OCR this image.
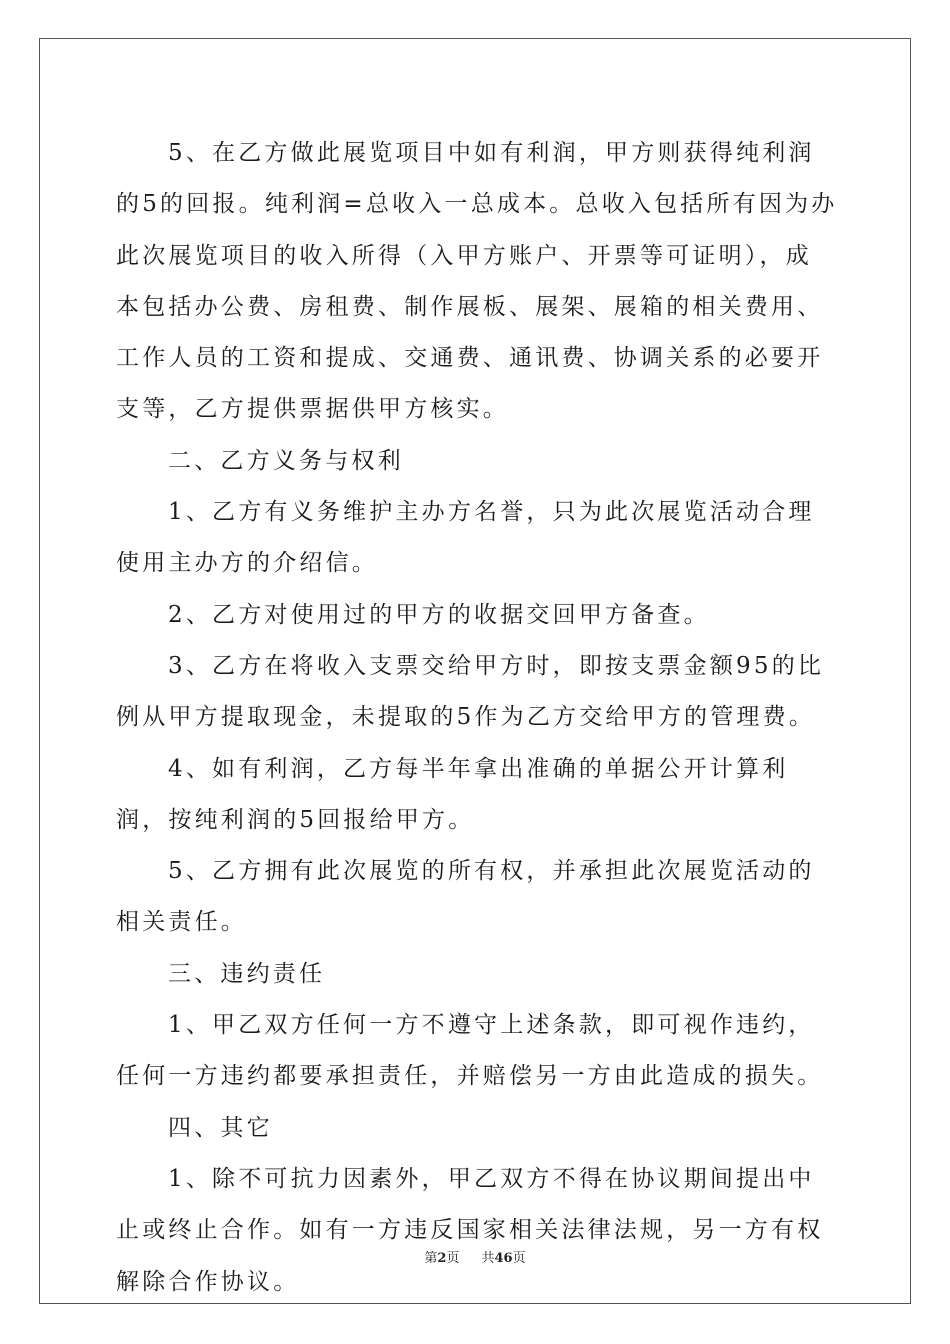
5、在乙方做此展览项目中如有利润，甲方则获得纯利润的5的回报。纯利润=总收入一总成本。总收入包括所有因为办此次展览项目的收入所得（入甲方账户、开票等可证明），成本包括办公费、房租费、制作展板、展架、展箱的相关费用、工作人员的工资和提成、交通费、通讯费、协调关系的必要开支等，乙方提供票据供甲方核实。

二、乙方义务与权利

1、乙方有义务维护主办方名誉，只为此次展览活动合理使用主办方的介绍信。

2、乙方对使用过的甲方的收据交回甲方备查。

3、乙方在将收入支票交给甲方时，即按支票金额95的比例从甲方提取现金，未提取的5作为乙方交给甲方的管理费。

4、如有利润，乙方每半年拿出准确的单据公开计算利润，按纯利润的5回报给甲方。

5、乙方拥有此次展览的所有权，并承担此次展览活动的相关责任。

三、违约责任

1、甲乙双方任何一方不遵守上述条款，即可视作违约，任何一方违约都要承担责任，并赔偿另一方由此造成的损失。

四、其它

1、除不可抗力因素外，甲乙双方不得在协议期间提出中止或终止合作。如有一方违反国家相关法律法规，另一方有权解除合作协议。

第2页 共46页
